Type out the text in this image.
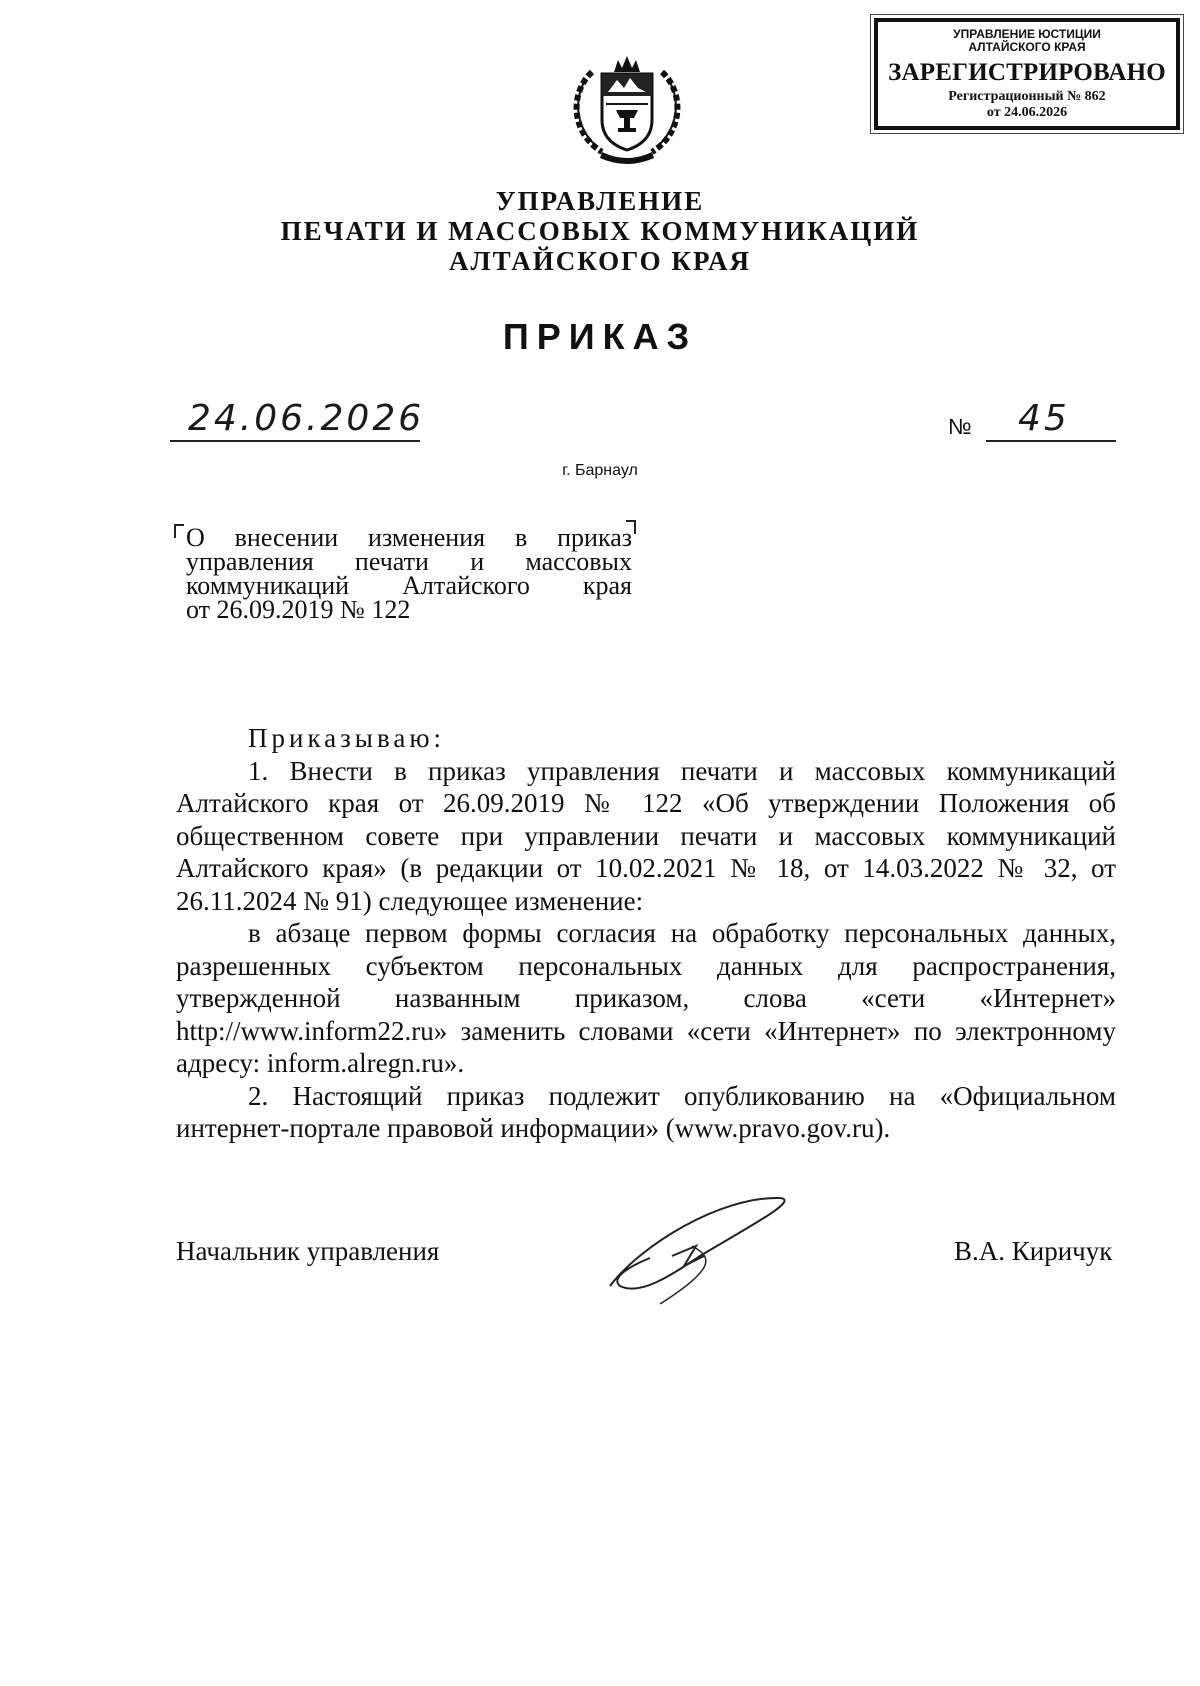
УПРАВЛЕНИЕ ЮСТИЦИИ
АЛТАЙСКОГО КРАЯ
ЗАРЕГИСТРИРОВАНО
Регистрационный № 862
от 24.06.2026
УПРАВЛЕНИЕ
ПЕЧАТИ И МАССОВЫХ КОММУНИКАЦИЙ
АЛТАЙСКОГО КРАЯ
ПРИКАЗ
24.06.2026	№ 45
г. Барнаул
О внесении изменения в приказ
управления печати и массовых
коммуникаций Алтайского края
от 26.09.2019 № 122

Приказываю:

1. Внести в приказ управления печати и массовых коммуникаций Алтайского края от 26.09.2019 № 122 «Об утверждении Положения об общественном совете при управлении печати и массовых коммуникаций Алтайского края» (в редакции от 10.02.2021 № 18, от 14.03.2022 № 32, от 26.11.2024 № 91) следующее изменение:

в абзаце первом формы согласия на обработку персональных данных, разрешенных субъектом персональных данных для распространения, утвержденной названным приказом, слова «сети «Интернет» http://www.inform22.ru» заменить словами «сети «Интернет» по электронному адресу: inform.alregn.ru».

2. Настоящий приказ подлежит опубликованию на «Официальном интернет-портале правовой информации» (www.pravo.gov.ru).

Начальник управления	В.А. Киричук
